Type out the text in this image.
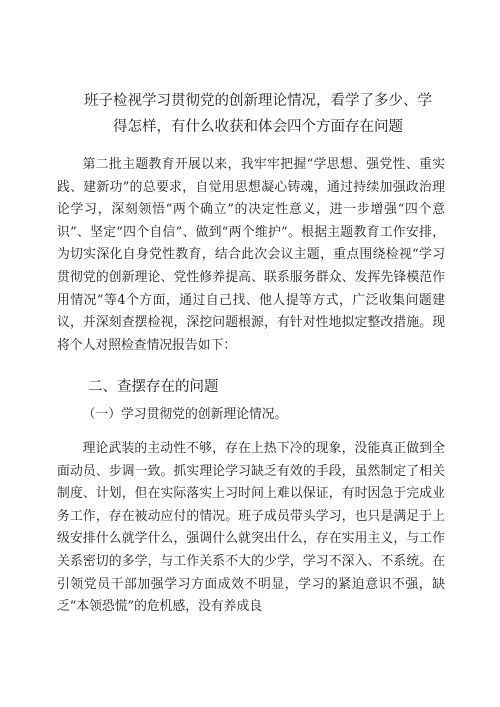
班子检视学习贯彻党的创新理论情况，看学了多少、学得怎样，有什么收获和体会四个方面存在问题

第二批主题教育开展以来，我牢牢把握“学思想、强党性、重实践、建新功”的总要求，自觉用思想凝心铸魂，通过持续加强政治理论学习，深刻领悟“两个确立”的决定性意义，进一步增强“四个意识”、坚定“四个自信”、做到“两个维护”。根据主题教育工作安排，为切实深化自身党性教育，结合此次会议主题，重点围绕检视“学习贯彻党的创新理论、党性修养提高、联系服务群众、发挥先锋模范作用情况”等4个方面，通过自己找、他人提等方式，广泛收集问题建议，并深刻查摆检视，深挖问题根源，有针对性地拟定整改措施。现将个人对照检查情况报告如下：

二、查摆存在的问题

（一）学习贯彻党的创新理论情况。

理论武装的主动性不够，存在上热下冷的现象，没能真正做到全面动员、步调一致。抓实理论学习缺乏有效的手段，虽然制定了相关制度、计划，但在实际落实上习时间上难以保证，有时因急于完成业务工作，存在被动应付的情况。班子成员带头学习，也只是满足于上级安排什么就学什么，强调什么就突出什么，存在实用主义，与工作关系密切的多学，与工作关系不大的少学，学习不深入、不系统。在引领党员干部加强学习方面成效不明显，学习的紧迫意识不强，缺乏“本领恐慌”的危机感，没有养成良
